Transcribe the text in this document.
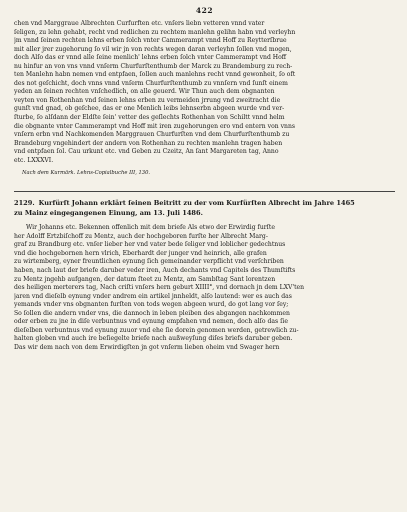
422
chen vnd Marggraue Albrechten Curfurften etc. vnſers liebn vetteren vnnd vater
ſeligen, zu lehn gehabt, recht vnd redlichen zu rechtem manlehn gelihn habn vnd verleyhn
jm vnnd ſeinen rechten lehns erben ſolch vnter Cammerampt vnnd Hoff zu Reytterſbrue
mit aller jrer zugehorung ſo vil wir jn von rechts wegen daran verleyhn ſollen vnd mogen,
doch Alſo das er vnnd alle ſeine menlich' lehns erben ſolch vnter Cammerampt vnd Hoff
nu hinfur an von vns vnnd vnſerm Churfurſtenthumb der Marck zu Brandemburg zu rech-
ten Manlehn habn nemen vnd entpfaen, ſollen auch manlehns recht vnnd gewonheit, ſo oft
des not geſchicht, doch vnns vnnd vnſerm Churfurſtenthumb zu vnnſern vnd ſunſt einem
yeden an ſeinen rechten vnſchedlich, on alle geuerd. Wir Thun auch dem obgnanten
veyten von Rothenhan vnd ſeinen lehns erben zu vermeiden jrrung vnd zweitracht die
gunſt vnd gnad, ob geſchee, das er one Menlich leibs lehnserbn abgeen wurde vnd ver-
ſturbe, ſo alſdann der Eldſte ſein' vetter des geſlechts Rothenhan von Schiltt vnnd helm
die obgnante vnter Cammerampt vnd Hoff mit iren zugehorungen ero vnd entern von vnns
vnſern erbn vnd Nachkomenden Marggrauen Churfurſten vnd dem Churfurſtenthumb zu
Brandeburg vngehindert der andern von Rothenhan zu rechten manlehn tragen haben
vnd entpfaen ſol. Cau urkunt etc. vnd Geben zu Czeitz, An ſant Margareten tag, Anno
etc. LXXXVI.
Nach dem Kurmärk. Lehns-Copialbuche III, 130.
2129. Kurfürſt Johann erklärt ſeinen Beitritt zu der vom Kurfürſten Albrecht im Jahre 1465
zu Mainz eingegangenen Einung, am 13. Juli 1486.
Wir Johanns etc. Bekennen offenlich mit dem briefe Als etwo der Erwirdig furſte
her Adolff Ertzbiſchoff zu Mentz, auch der hochgeboren furſte her Albrecht Marg-
graf zu Brandburg etc. vnſer lieber her vnd vater bede ſeliger vnd loblicher gedechtnus
vnd die hochgebornen hern vlrich, Eberhardt der junger vnd heinrich, alle grafen
zu wirtemberg, eyner freuntlichen eynung ſich gemeinander verpflicht vnd verſchriben
haben, nach laut der briefe daruber veder iren, Auch dechants vnd Capitels des Thumſtifts
zu Mentz jngehb aufgangen, der datum ſteet zu Mentz, am Sambſtag Sant lorentzen
des heiligen merterers tag, Nach criſti vnſers hern geburt XIIII°, vnd dornach jn dem LXV'ten
jaren vnd dieſelb eynung vnder andrem ein artikel jnnheldt, alſo lautend: wer es auch das
yemands vnder vns obgnanten furſten von tods wegen abgeen wurd, do got lang vor ſey;
So ſollen die andern vnder vns, die dannoch in leben pleiben des abgangen nachkommen
oder erben zu jne in diſe verbuntnus vnd eynung empfahen vnd nemen, doch alſo das ſie
dieſelben verbuntnus vnd eynung zuuor vnd ehe ſie dorein genomen werden, getrewlich zu-
halten globen vnd auch ire beſiegelte briefe nach außweyſung diſes briefs daruber geben.
Das wir dem nach von dem Erwirdigſten jn got vnſerm lieben oheim vnd Swager hern
